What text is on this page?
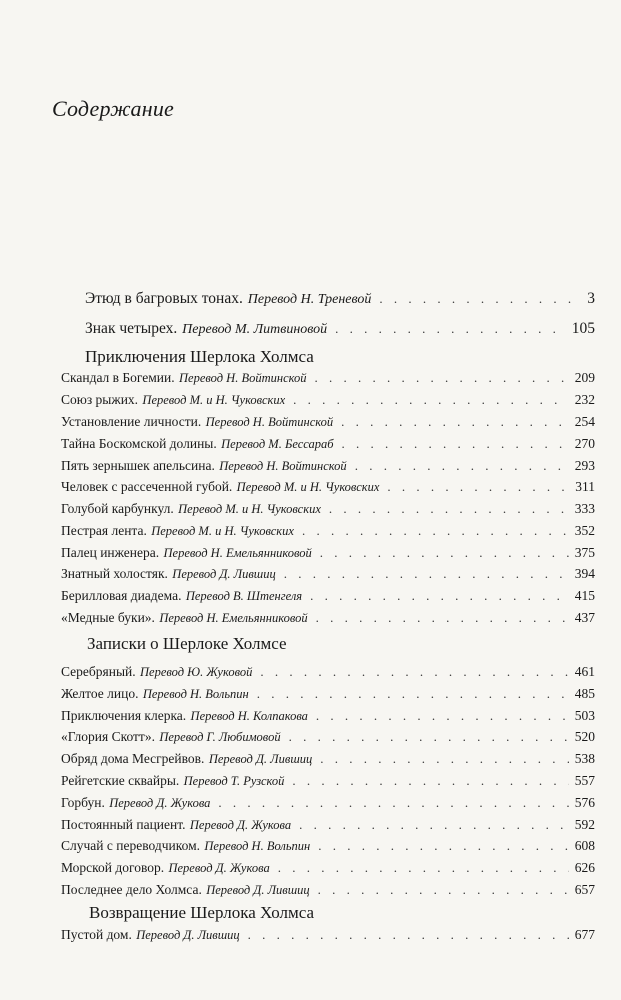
Содержание
Этюд в багровых тонах. Перевод Н. Треневой . . .	3
Знак четырех. Перевод М. Литвиновой . . .	105
Приключения Шерлока Холмса
Скандал в Богемии. Перевод Н. Войтинской . . .	209
Союз рыжих. Перевод М. и Н. Чуковских . . .	232
Установление личности. Перевод Н. Войтинской . . .	254
Тайна Боскомской долины. Перевод М. Бессараб . . .	270
Пять зернышек апельсина. Перевод Н. Войтинской . . .	293
Человек с рассеченной губой. Перевод М. и Н. Чуковских . . .	311
Голубой карбункул. Перевод М. и Н. Чуковских . . .	333
Пестрая лента. Перевод М. и Н. Чуковских . . .	352
Палец инженера. Перевод Н. Емельянниковой . . .	375
Знатный холостяк. Перевод Д. Лившиц . . .	394
Берилловая диадема. Перевод В. Штенгеля . . .	415
«Медные буки». Перевод Н. Емельянниковой . . .	437
Записки о Шерлоке Холмсе
Серебряный. Перевод Ю. Жуковой . . .	461
Желтое лицо. Перевод Н. Вольпин . . .	485
Приключения клерка. Перевод Н. Колпакова . . .	503
«Глория Скотт». Перевод Г. Любимовой . . .	520
Обряд дома Месгрейвов. Перевод Д. Лившиц . . .	538
Рейгетские сквайры. Перевод Т. Рузской . . .	557
Горбун. Перевод Д. Жукова . . .	576
Постоянный пациент. Перевод Д. Жукова . . .	592
Случай с переводчиком. Перевод Н. Вольпин . . .	608
Морской договор. Перевод Д. Жукова . . .	626
Последнее дело Холмса. Перевод Д. Лившиц . . .	657
Возвращение Шерлока Холмса
Пустой дом. Перевод Д. Лившиц . . .	677
